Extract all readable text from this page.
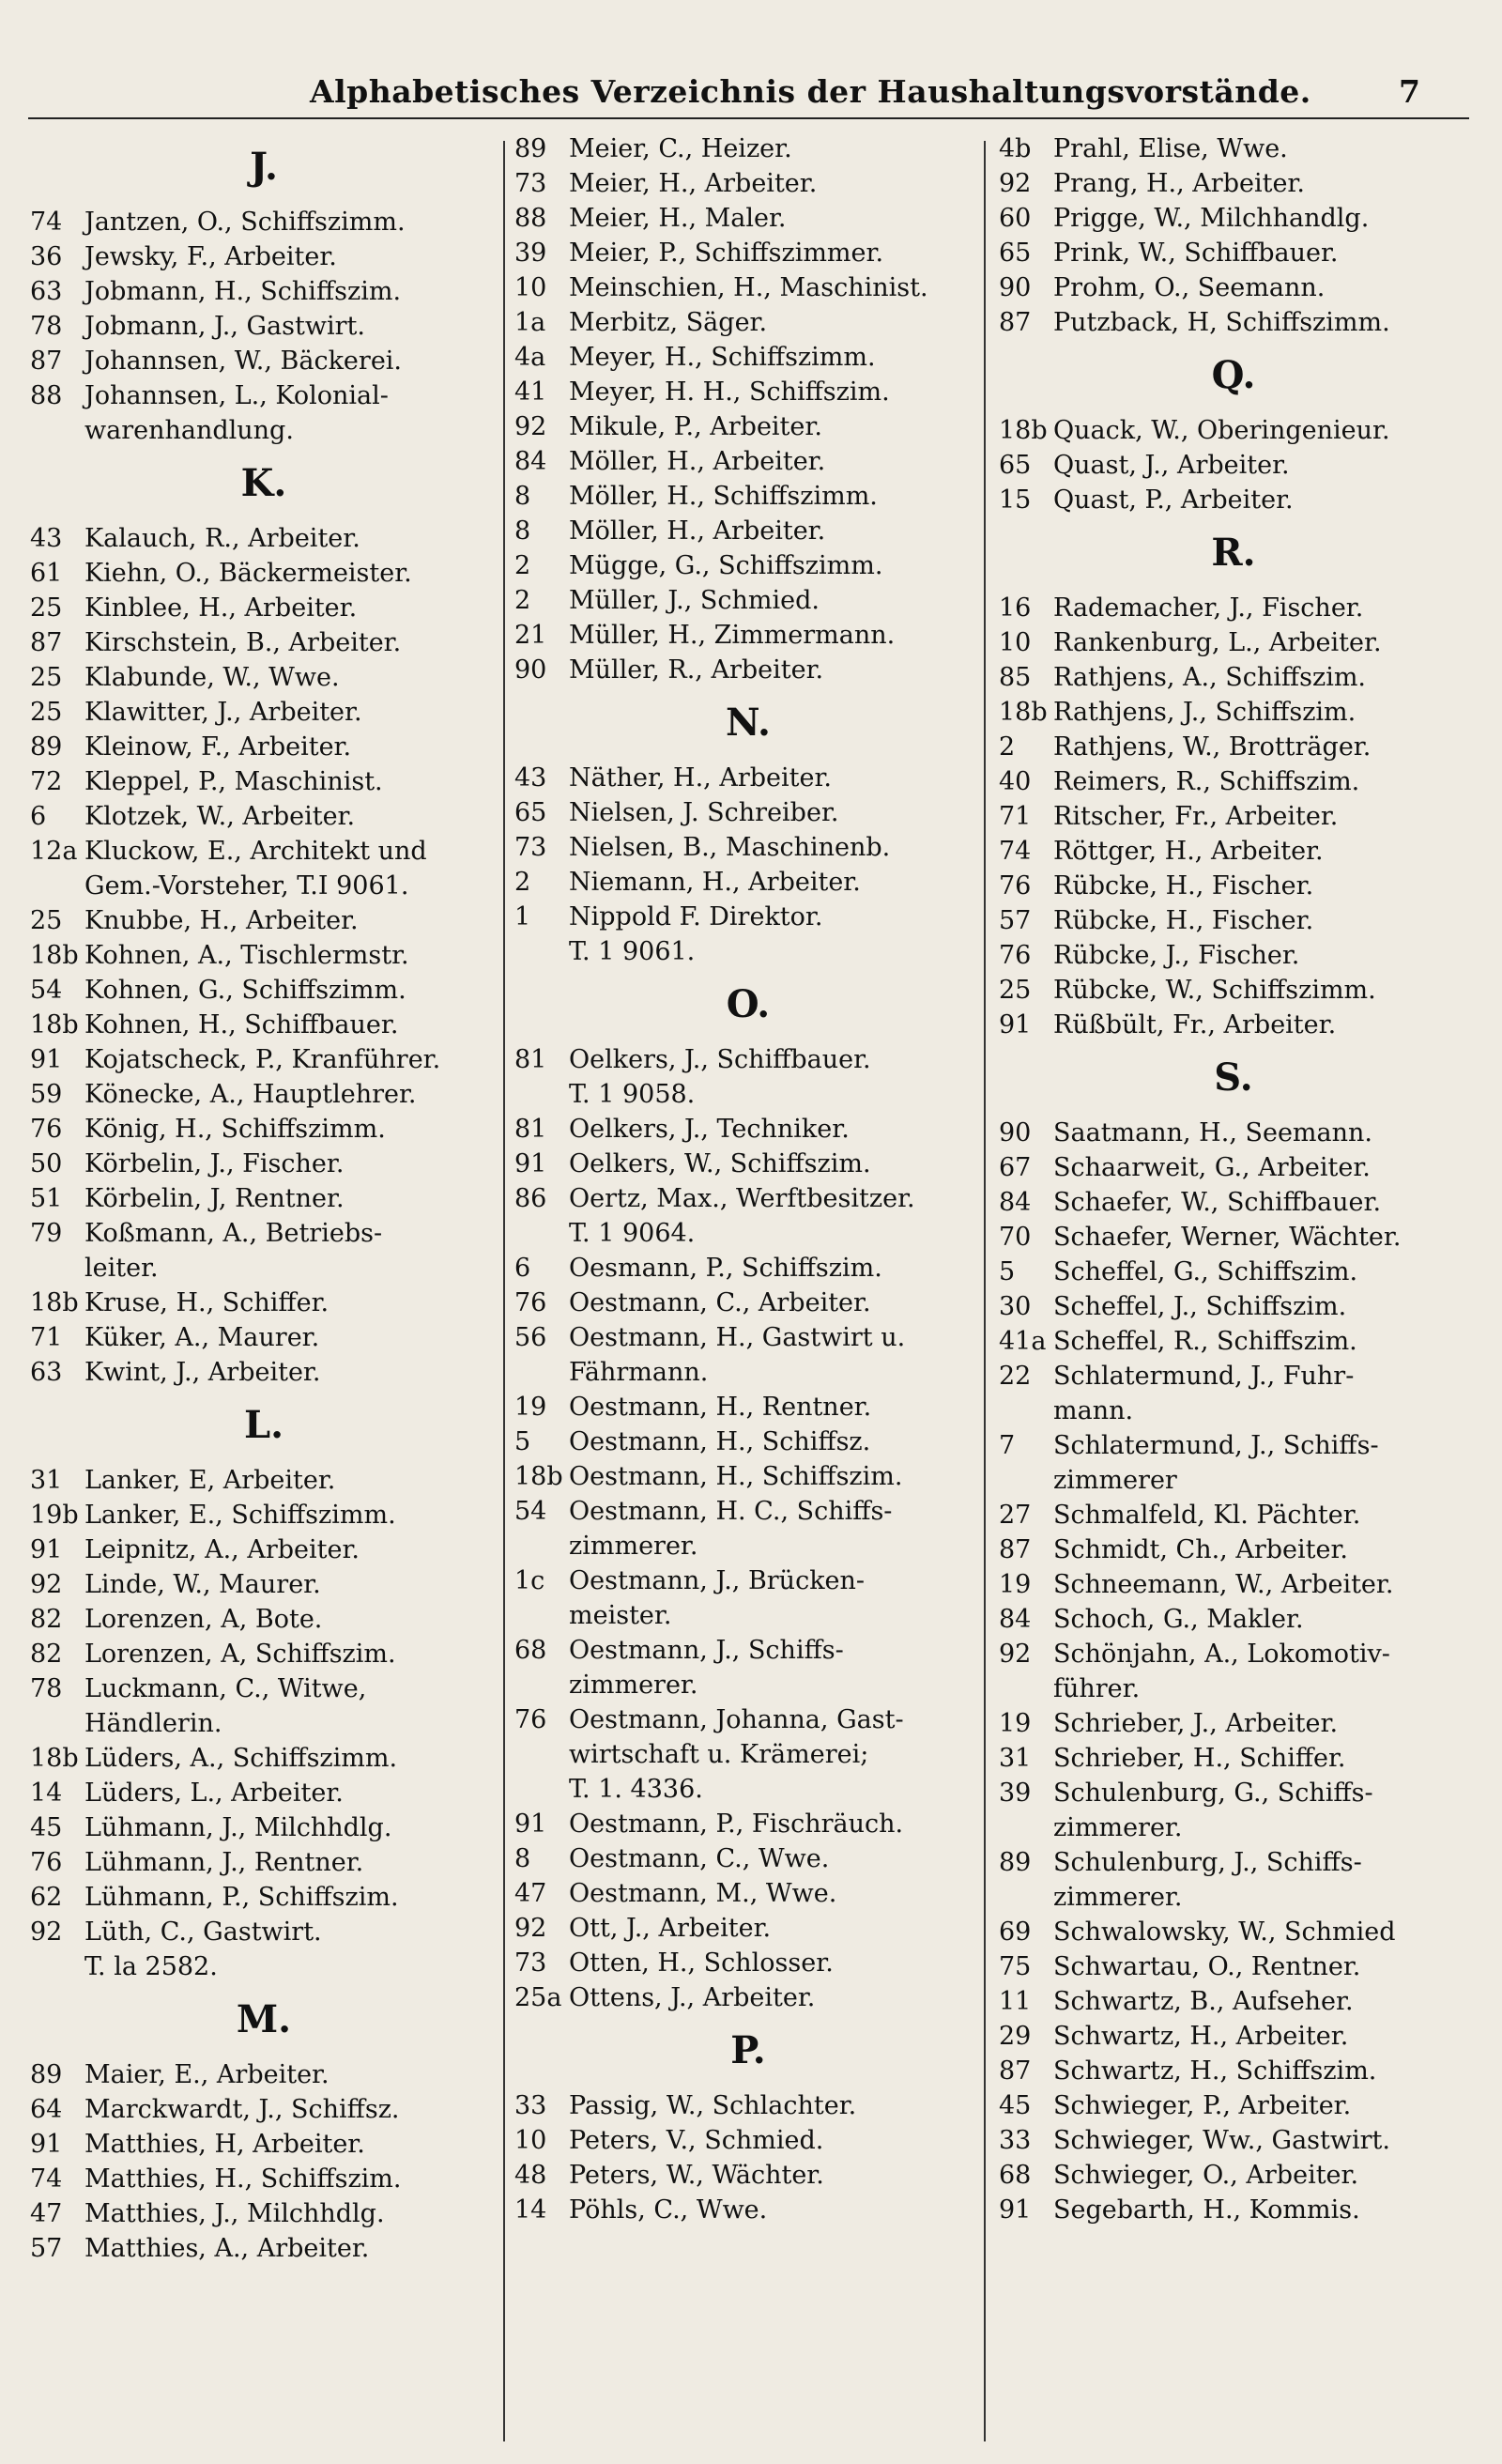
Alphabetisches Verzeichnis der Haushaltungsvorstände.	7
J.
74 Jantzen, O., Schiffszimm.
36 Jewsky, F., Arbeiter.
63 Jobmann, H., Schiffszim.
78 Jobmann, J., Gastwirt.
87 Johannsen, W., Bäckerei.
88 Johannsen, L., Kolonial-
warenhandlung.
K.
43 Kalauch, R., Arbeiter.
61 Kiehn, O., Bäckermeister.
25 Kinblee, H., Arbeiter.
87 Kirschstein, B., Arbeiter.
25 Klabunde, W., Wwe.
25 Klawitter, J., Arbeiter.
89 Kleinow, F., Arbeiter.
72 Kleppel, P., Maschinist.
6	Klotzek, W., Arbeiter.
12a Kluckow, E., Architekt und
Gem.-Vorsteher, T.I 9061.
25 Knubbe, H., Arbeiter.
18b Kohnen, A., Tischlermstr.
54 Kohnen, G., Schiffszimm.
18b Kohnen, H., Schiffbauer.
91 Kojatscheck, P., Kranführer.
59 Könecke, A., Hauptlehrer.
76 König, H., Schiffszimm.
50 Körbelin, J., Fischer.
51 Körbelin, J, Rentner.
79 Koßmann, A., Betriebs-
leiter.
18b Kruse, H., Schiffer.
71 Küker, A., Maurer.
63 Kwint, J., Arbeiter.
L.
31 Lanker, E, Arbeiter.
19b Lanker, E., Schiffszimm.
91 Leipnitz, A., Arbeiter.
92 Linde, W., Maurer.
82 Lorenzen, A, Bote.
82 Lorenzen, A, Schiffszim.
78 Luckmann, C., Witwe,
Händlerin.
18b Lüders, A., Schiffszimm.
14 Lüders, L., Arbeiter.
45 Lühmann, J., Milchhdlg.
76 Lühmann, J., Rentner.
62 Lühmann, P., Schiffszim.
92 Lüth, C., Gastwirt.
T. la 2582.
M.
89 Maier, E., Arbeiter.
64 Marckwardt, J., Schiffsz.
91 Matthies, H, Arbeiter.
74 Matthies, H., Schiffszim.
47 Matthies, J., Milchhdlg.
57 Matthies, A., Arbeiter.
89 Meier, C., Heizer.
73 Meier, H., Arbeiter.
88 Meier, H., Maler.
39 Meier, P., Schiffszimmer.
10 Meinschien, H., Maschinist.
1a Merbitz, Säger.
4a Meyer, H., Schiffszimm.
41 Meyer, H. H., Schiffszim.
92 Mikule, P., Arbeiter.
84 Möller, H., Arbeiter.
8	Möller, H., Schiffszimm.
8	Möller, H., Arbeiter.
2	Mügge, G., Schiffszimm.
2	Müller, J., Schmied.
21 Müller, H., Zimmermann.
90 Müller, R., Arbeiter.
N.
43 Näther, H., Arbeiter.
65 Nielsen, J. Schreiber.
73 Nielsen, B., Maschinenb.
2	Niemann, H., Arbeiter.
1	Nippold F. Direktor.
T. 1 9061.
O.
81 Oelkers, J., Schiffbauer.
T. 1 9058.
81 Oelkers, J., Techniker.
91 Oelkers, W., Schiffszim.
86 Oertz, Max., Werftbesitzer.
T. 1 9064.
6	Oesmann, P., Schiffszim.
76 Oestmann, C., Arbeiter.
56 Oestmann, H., Gastwirt u.
Fährmann.
19 Oestmann, H., Rentner.
5	Oestmann, H., Schiffsz.
18b Oestmann, H., Schiffszim.
54 Oestmann, H. C., Schiffs-
zimmerer.
1c Oestmann, J., Brücken-
meister.
68 Oestmann, J., Schiffs-
zimmerer.
76 Oestmann, Johanna, Gast-
wirtschaft u. Krämerei;
T. 1. 4336.
91 Oestmann, P., Fischräuch.
8	Oestmann, C., Wwe.
47 Oestmann, M., Wwe.
92 Ott, J., Arbeiter.
73 Otten, H., Schlosser.
25a Ottens, J., Arbeiter.
P.
33 Passig, W., Schlachter.
10 Peters, V., Schmied.
48 Peters, W., Wächter.
14 Pöhls, C., Wwe.
4b Prahl, Elise, Wwe.
92 Prang, H., Arbeiter.
60 Prigge, W., Milchhandlg.
65 Prink, W., Schiffbauer.
90 Prohm, O., Seemann.
87 Putzback, H, Schiffszimm.
Q.
18b Quack, W., Oberingenieur.
65 Quast, J., Arbeiter.
15 Quast, P., Arbeiter.
R.
16 Rademacher, J., Fischer.
10 Rankenburg, L., Arbeiter.
85 Rathjens, A., Schiffszim.
18b Rathjens, J., Schiffszim.
2	Rathjens, W., Brotträger.
40 Reimers, R., Schiffszim.
71 Ritscher, Fr., Arbeiter.
74 Röttger, H., Arbeiter.
76 Rübcke, H., Fischer.
57 Rübcke, H., Fischer.
76 Rübcke, J., Fischer.
25 Rübcke, W., Schiffszimm.
91 Rüßbült, Fr., Arbeiter.
S.
90 Saatmann, H., Seemann.
67 Schaarweit, G., Arbeiter.
84 Schaefer, W., Schiffbauer.
70 Schaefer, Werner, Wächter.
5	Scheffel, G., Schiffszim.
30 Scheffel, J., Schiffszim.
41a Scheffel, R., Schiffszim.
22 Schlatermund, J., Fuhr-
mann.
7	Schlatermund, J., Schiffs-
zimmerer
27 Schmalfeld, Kl. Pächter.
87 Schmidt, Ch., Arbeiter.
19 Schneemann, W., Arbeiter.
84 Schoch, G., Makler.
92 Schönjahn, A., Lokomotiv-
führer.
19 Schrieber, J., Arbeiter.
31 Schrieber, H., Schiffer.
39 Schulenburg, G., Schiffs-
zimmerer.
89 Schulenburg, J., Schiffs-
zimmerer.
69 Schwalowsky, W., Schmied
75 Schwartau, O., Rentner.
11 Schwartz, B., Aufseher.
29 Schwartz, H., Arbeiter.
87 Schwartz, H., Schiffszim.
45 Schwieger, P., Arbeiter.
33 Schwieger, Ww., Gastwirt.
68 Schwieger, O., Arbeiter.
91 Segebarth, H., Kommis.
